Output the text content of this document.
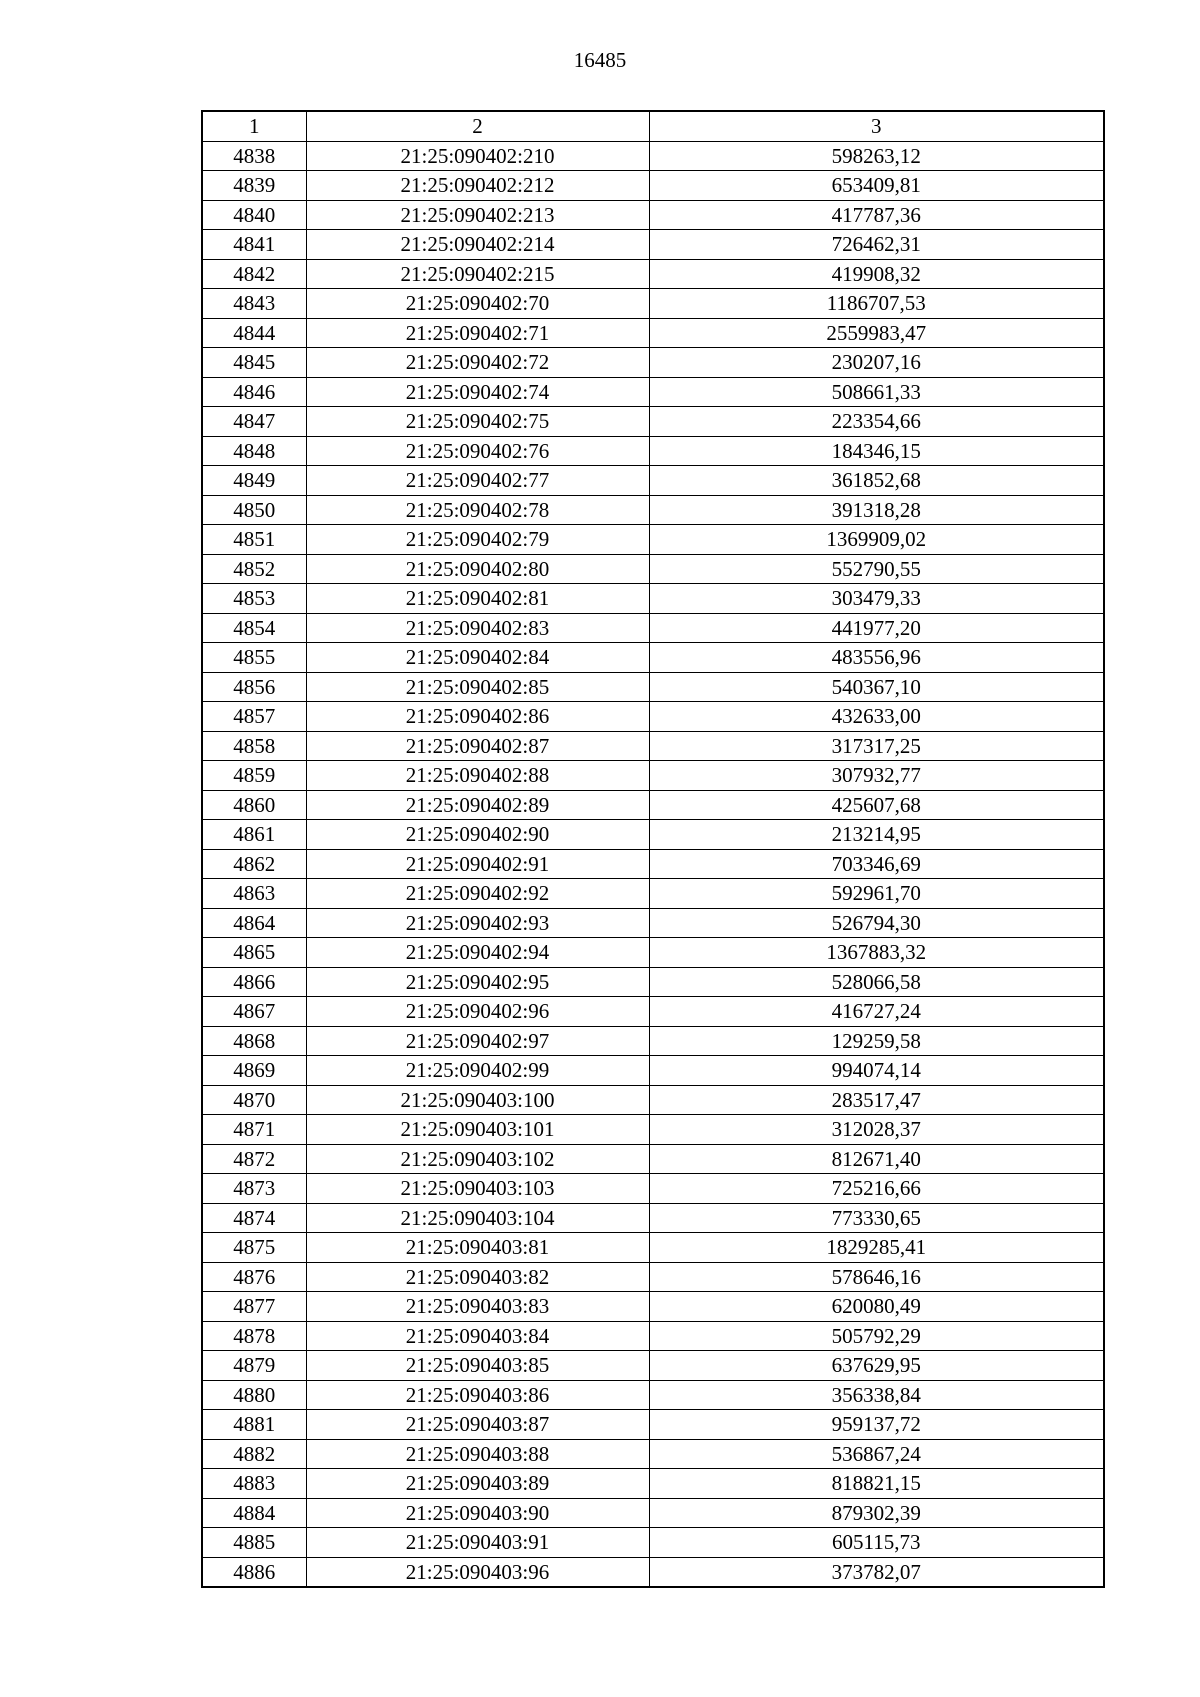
16485
1	2	3
4838	21:25:090402:210	598263,12
4839	21:25:090402:212	653409,81
4840	21:25:090402:213	417787,36
4841	21:25:090402:214	726462,31
4842	21:25:090402:215	419908,32
4843	21:25:090402:70	1186707,53
4844	21:25:090402:71	2559983,47
4845	21:25:090402:72	230207,16
4846	21:25:090402:74	508661,33
4847	21:25:090402:75	223354,66
4848	21:25:090402:76	184346,15
4849	21:25:090402:77	361852,68
4850	21:25:090402:78	391318,28
4851	21:25:090402:79	1369909,02
4852	21:25:090402:80	552790,55
4853	21:25:090402:81	303479,33
4854	21:25:090402:83	441977,20
4855	21:25:090402:84	483556,96
4856	21:25:090402:85	540367,10
4857	21:25:090402:86	432633,00
4858	21:25:090402:87	317317,25
4859	21:25:090402:88	307932,77
4860	21:25:090402:89	425607,68
4861	21:25:090402:90	213214,95
4862	21:25:090402:91	703346,69
4863	21:25:090402:92	592961,70
4864	21:25:090402:93	526794,30
4865	21:25:090402:94	1367883,32
4866	21:25:090402:95	528066,58
4867	21:25:090402:96	416727,24
4868	21:25:090402:97	129259,58
4869	21:25:090402:99	994074,14
4870	21:25:090403:100	283517,47
4871	21:25:090403:101	312028,37
4872	21:25:090403:102	812671,40
4873	21:25:090403:103	725216,66
4874	21:25:090403:104	773330,65
4875	21:25:090403:81	1829285,41
4876	21:25:090403:82	578646,16
4877	21:25:090403:83	620080,49
4878	21:25:090403:84	505792,29
4879	21:25:090403:85	637629,95
4880	21:25:090403:86	356338,84
4881	21:25:090403:87	959137,72
4882	21:25:090403:88	536867,24
4883	21:25:090403:89	818821,15
4884	21:25:090403:90	879302,39
4885	21:25:090403:91	605115,73
4886	21:25:090403:96	373782,07
